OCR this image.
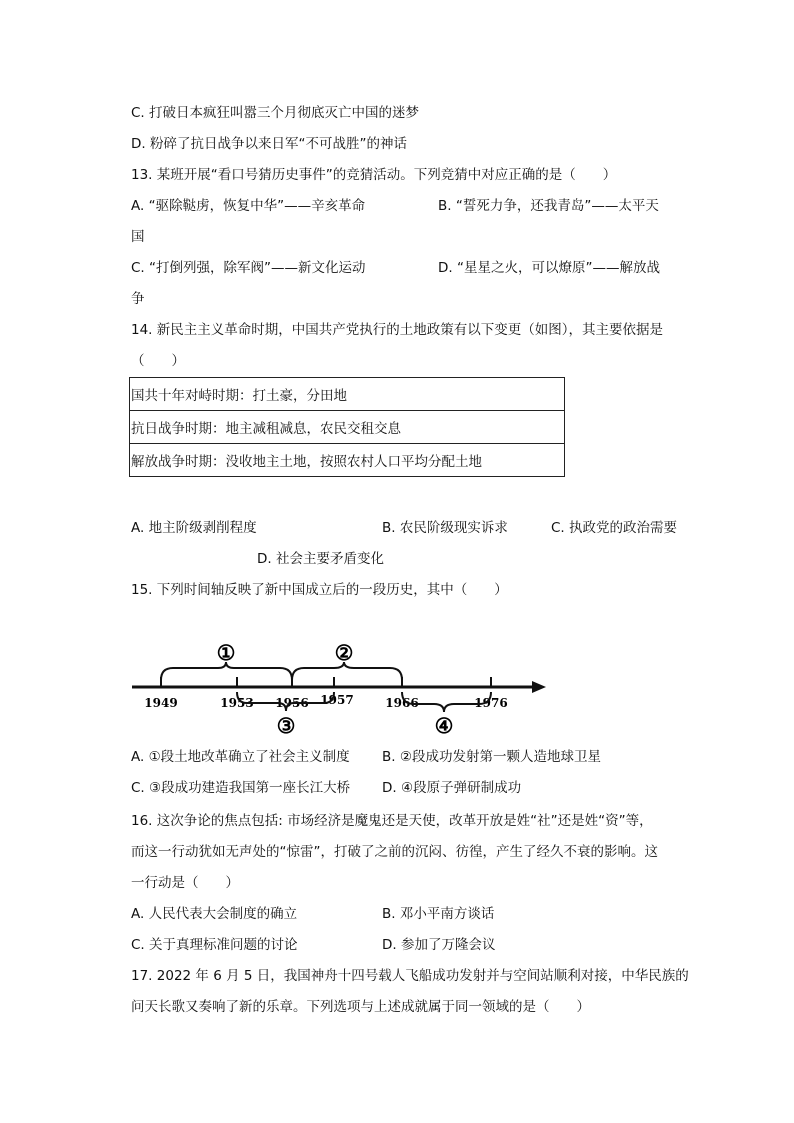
C. 打破日本疯狂叫嚣三个月彻底灭亡中国的迷梦
D. 粉碎了抗日战争以来日军“不可战胜”的神话
13. 某班开展“看口号猜历史事件”的竞猜活动。下列竞猜中对应正确的是（　　）
A. “驱除鞑虏，恢复中华”——辛亥革命	B. “誓死力争，还我青岛”——太平天
国
C. “打倒列强，除军阀”——新文化运动	D. “星星之火，可以燎原”——解放战
争
14. 新民主主义革命时期，中国共产党执行的土地政策有以下变更（如图），其主要依据是
（　　）
国共十年对峙时期：打土豪，分田地
抗日战争时期：地主减租减息，农民交租交息
解放战争时期：没收地主土地，按照农村人口平均分配土地
A. 地主阶级剥削程度	B. 农民阶级现实诉求	C. 执政党的政治需要
D. 社会主要矛盾变化
15. 下列时间轴反映了新中国成立后的一段历史，其中（　　）
1949	1953 1956 1957	1966	1976
①	②
③	④
A. ①段土地改革确立了社会主义制度 B. ②段成功发射第一颗人造地球卫星
C. ③段成功建造我国第一座长江大桥 D. ④段原子弹研制成功
16. 这次争论的焦点包括: 市场经济是魔鬼还是天使，改革开放是姓“社”还是姓“资”等，
而这一行动犹如无声处的“惊雷”，打破了之前的沉闷、彷徨，产生了经久不衰的影响。这
一行动是（　　）
A. 人民代表大会制度的确立	B. 邓小平南方谈话
C. 关于真理标准问题的讨论	D. 参加了万隆会议
17. 2022 年 6 月 5 日，我国神舟十四号载人飞船成功发射并与空间站顺利对接，中华民族的
问天长歌又奏响了新的乐章。下列选项与上述成就属于同一领域的是（　　）
